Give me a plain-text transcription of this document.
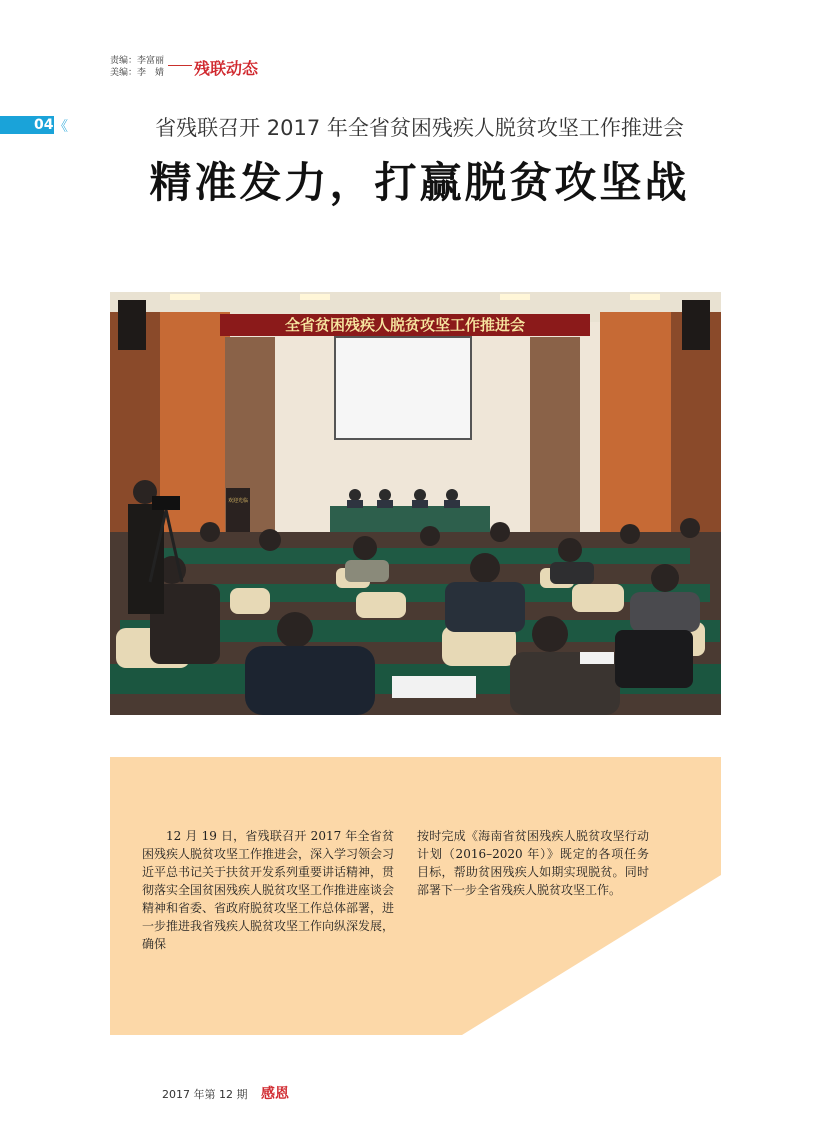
责编：李富丽
美编：李　婧 残联动态
04 《	省残联召开 2017 年全省贫困残疾人脱贫攻坚工作推进会
精准发力，打赢脱贫攻坚战
全省贫困残疾人脱贫攻坚工作推进会
欢迎光临

12 月 19 日，省残联召开 2017 年全省贫困残疾人脱贫攻坚工作推进会，深入学习领会习近平总书记关于扶贫开发系列重要讲话精神，贯彻落实全国贫困残疾人脱贫攻坚工作推进座谈会精神和省委、省政府脱贫攻坚工作总体部署，进一步推进我省残疾人脱贫攻坚工作向纵深发展，确保

按时完成《海南省贫困残疾人脱贫攻坚行动计划（2016–2020 年）》既定的各项任务目标，帮助贫困残疾人如期实现脱贫。同时部署下一步全省残疾人脱贫攻坚工作。

2017 年第 12 期 感恩
